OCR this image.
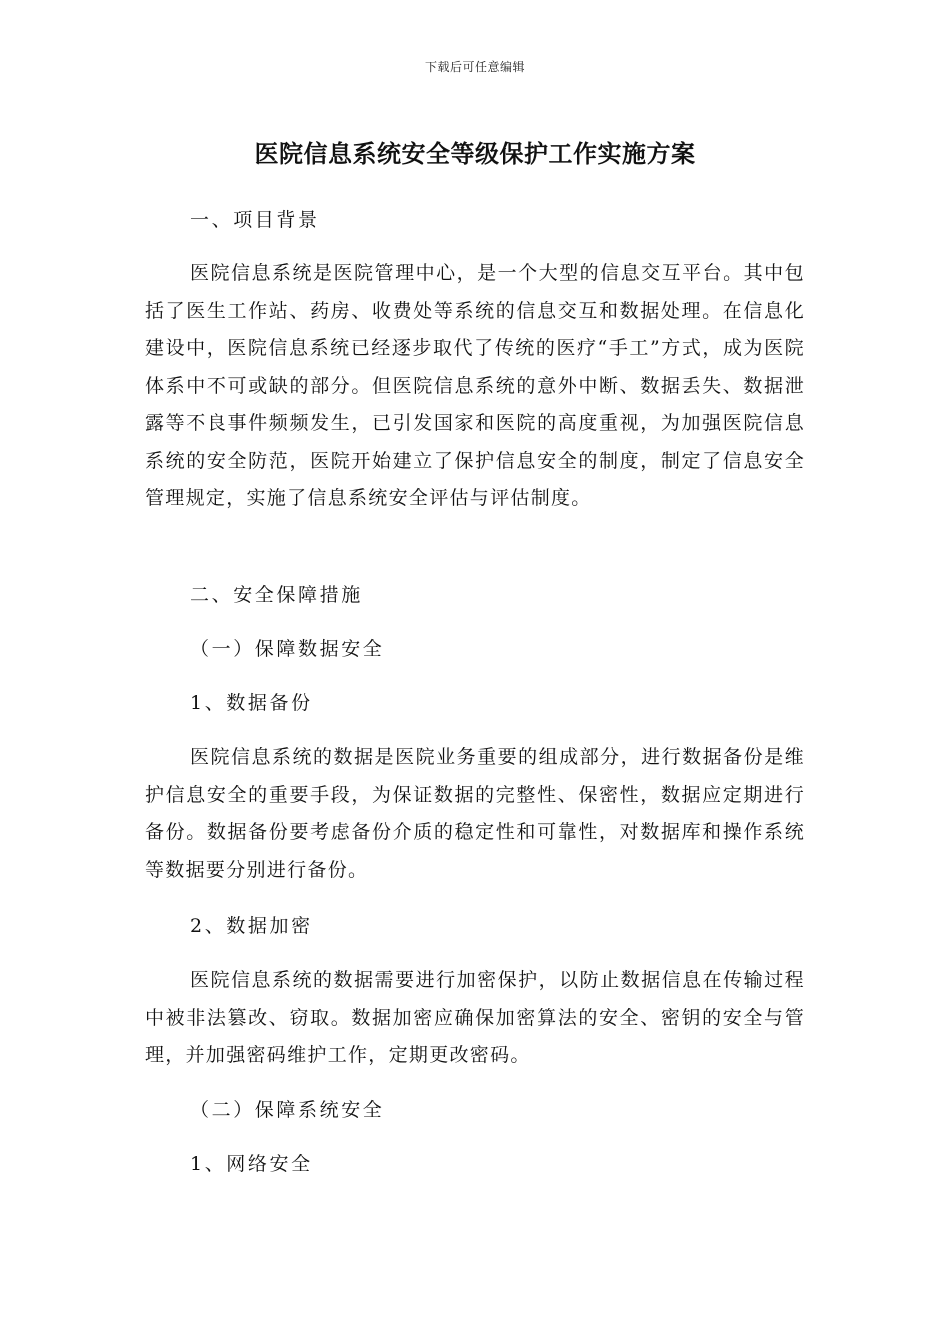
下载后可任意编辑
医院信息系统安全等级保护工作实施方案

一、项目背景

医院信息系统是医院管理中心，是一个大型的信息交互平台。其中包括了医生工作站、药房、收费处等系统的信息交互和数据处理。在信息化建设中，医院信息系统已经逐步取代了传统的医疗“手工”方式，成为医院体系中不可或缺的部分。但医院信息系统的意外中断、数据丢失、数据泄露等不良事件频频发生，已引发国家和医院的高度重视，为加强医院信息系统的安全防范，医院开始建立了保护信息安全的制度，制定了信息安全管理规定，实施了信息系统安全评估与评估制度。

二、安全保障措施

（一）保障数据安全

1、数据备份

医院信息系统的数据是医院业务重要的组成部分，进行数据备份是维护信息安全的重要手段，为保证数据的完整性、保密性，数据应定期进行备份。数据备份要考虑备份介质的稳定性和可靠性，对数据库和操作系统等数据要分别进行备份。

2、数据加密

医院信息系统的数据需要进行加密保护，以防止数据信息在传输过程中被非法篡改、窃取。数据加密应确保加密算法的安全、密钥的安全与管理，并加强密码维护工作，定期更改密码。

（二）保障系统安全

1、网络安全
